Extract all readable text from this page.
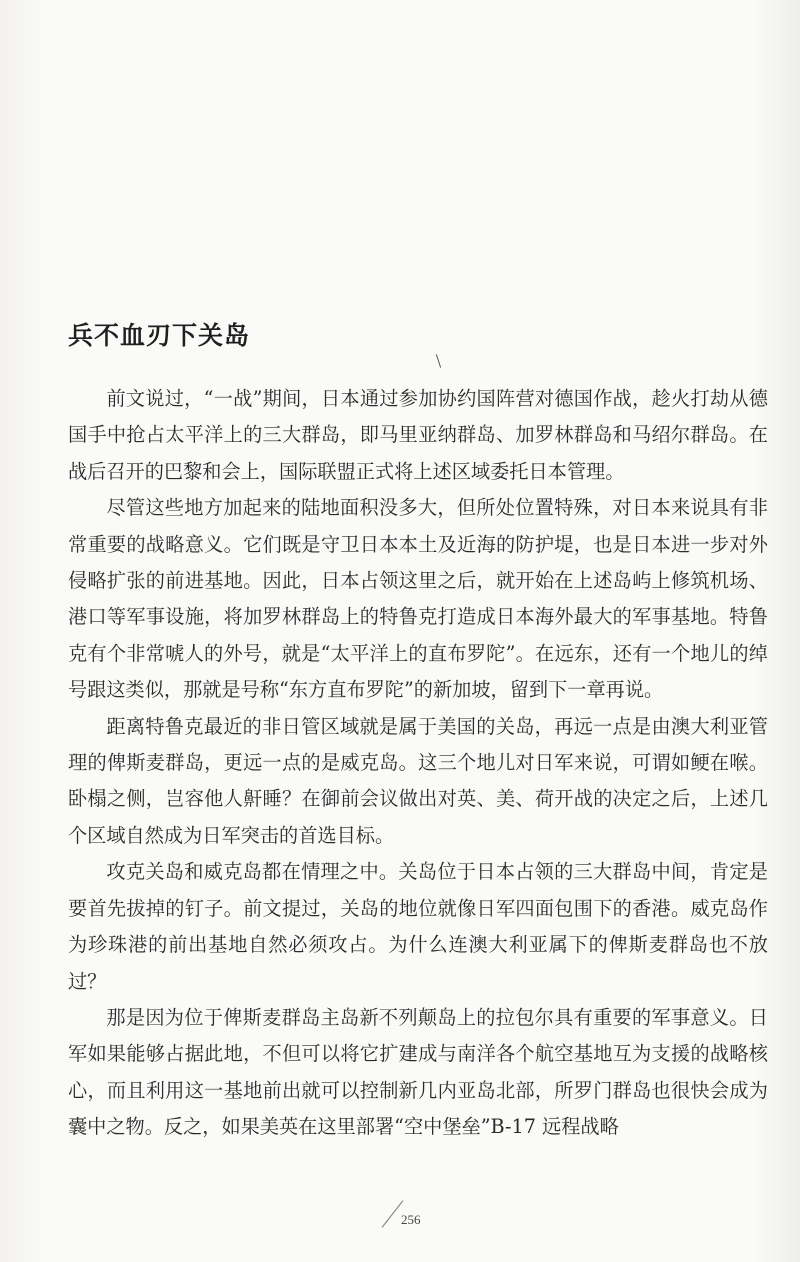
兵不血刃下关岛

前文说过，“一战”期间，日本通过参加协约国阵营对德国作战，趁火打劫从德国手中抢占太平洋上的三大群岛，即马里亚纳群岛、加罗林群岛和马绍尔群岛。在战后召开的巴黎和会上，国际联盟正式将上述区域委托日本管理。

尽管这些地方加起来的陆地面积没多大，但所处位置特殊，对日本来说具有非常重要的战略意义。它们既是守卫日本本土及近海的防护堤，也是日本进一步对外侵略扩张的前进基地。因此，日本占领这里之后，就开始在上述岛屿上修筑机场、港口等军事设施，将加罗林群岛上的特鲁克打造成日本海外最大的军事基地。特鲁克有个非常唬人的外号，就是“太平洋上的直布罗陀”。在远东，还有一个地儿的绰号跟这类似，那就是号称“东方直布罗陀”的新加坡，留到下一章再说。

距离特鲁克最近的非日管区域就是属于美国的关岛，再远一点是由澳大利亚管理的俾斯麦群岛，更远一点的是威克岛。这三个地儿对日军来说，可谓如鲠在喉。卧榻之侧，岂容他人鼾睡？在御前会议做出对英、美、荷开战的决定之后，上述几个区域自然成为日军突击的首选目标。

攻克关岛和威克岛都在情理之中。关岛位于日本占领的三大群岛中间，肯定是要首先拔掉的钉子。前文提过，关岛的地位就像日军四面包围下的香港。威克岛作为珍珠港的前出基地自然必须攻占。为什么连澳大利亚属下的俾斯麦群岛也不放过？

那是因为位于俾斯麦群岛主岛新不列颠岛上的拉包尔具有重要的军事意义。日军如果能够占据此地，不但可以将它扩建成与南洋各个航空基地互为支援的战略核心，而且利用这一基地前出就可以控制新几内亚岛北部，所罗门群岛也很快会成为囊中之物。反之，如果美英在这里部署“空中堡垒”B-17 远程战略

256
